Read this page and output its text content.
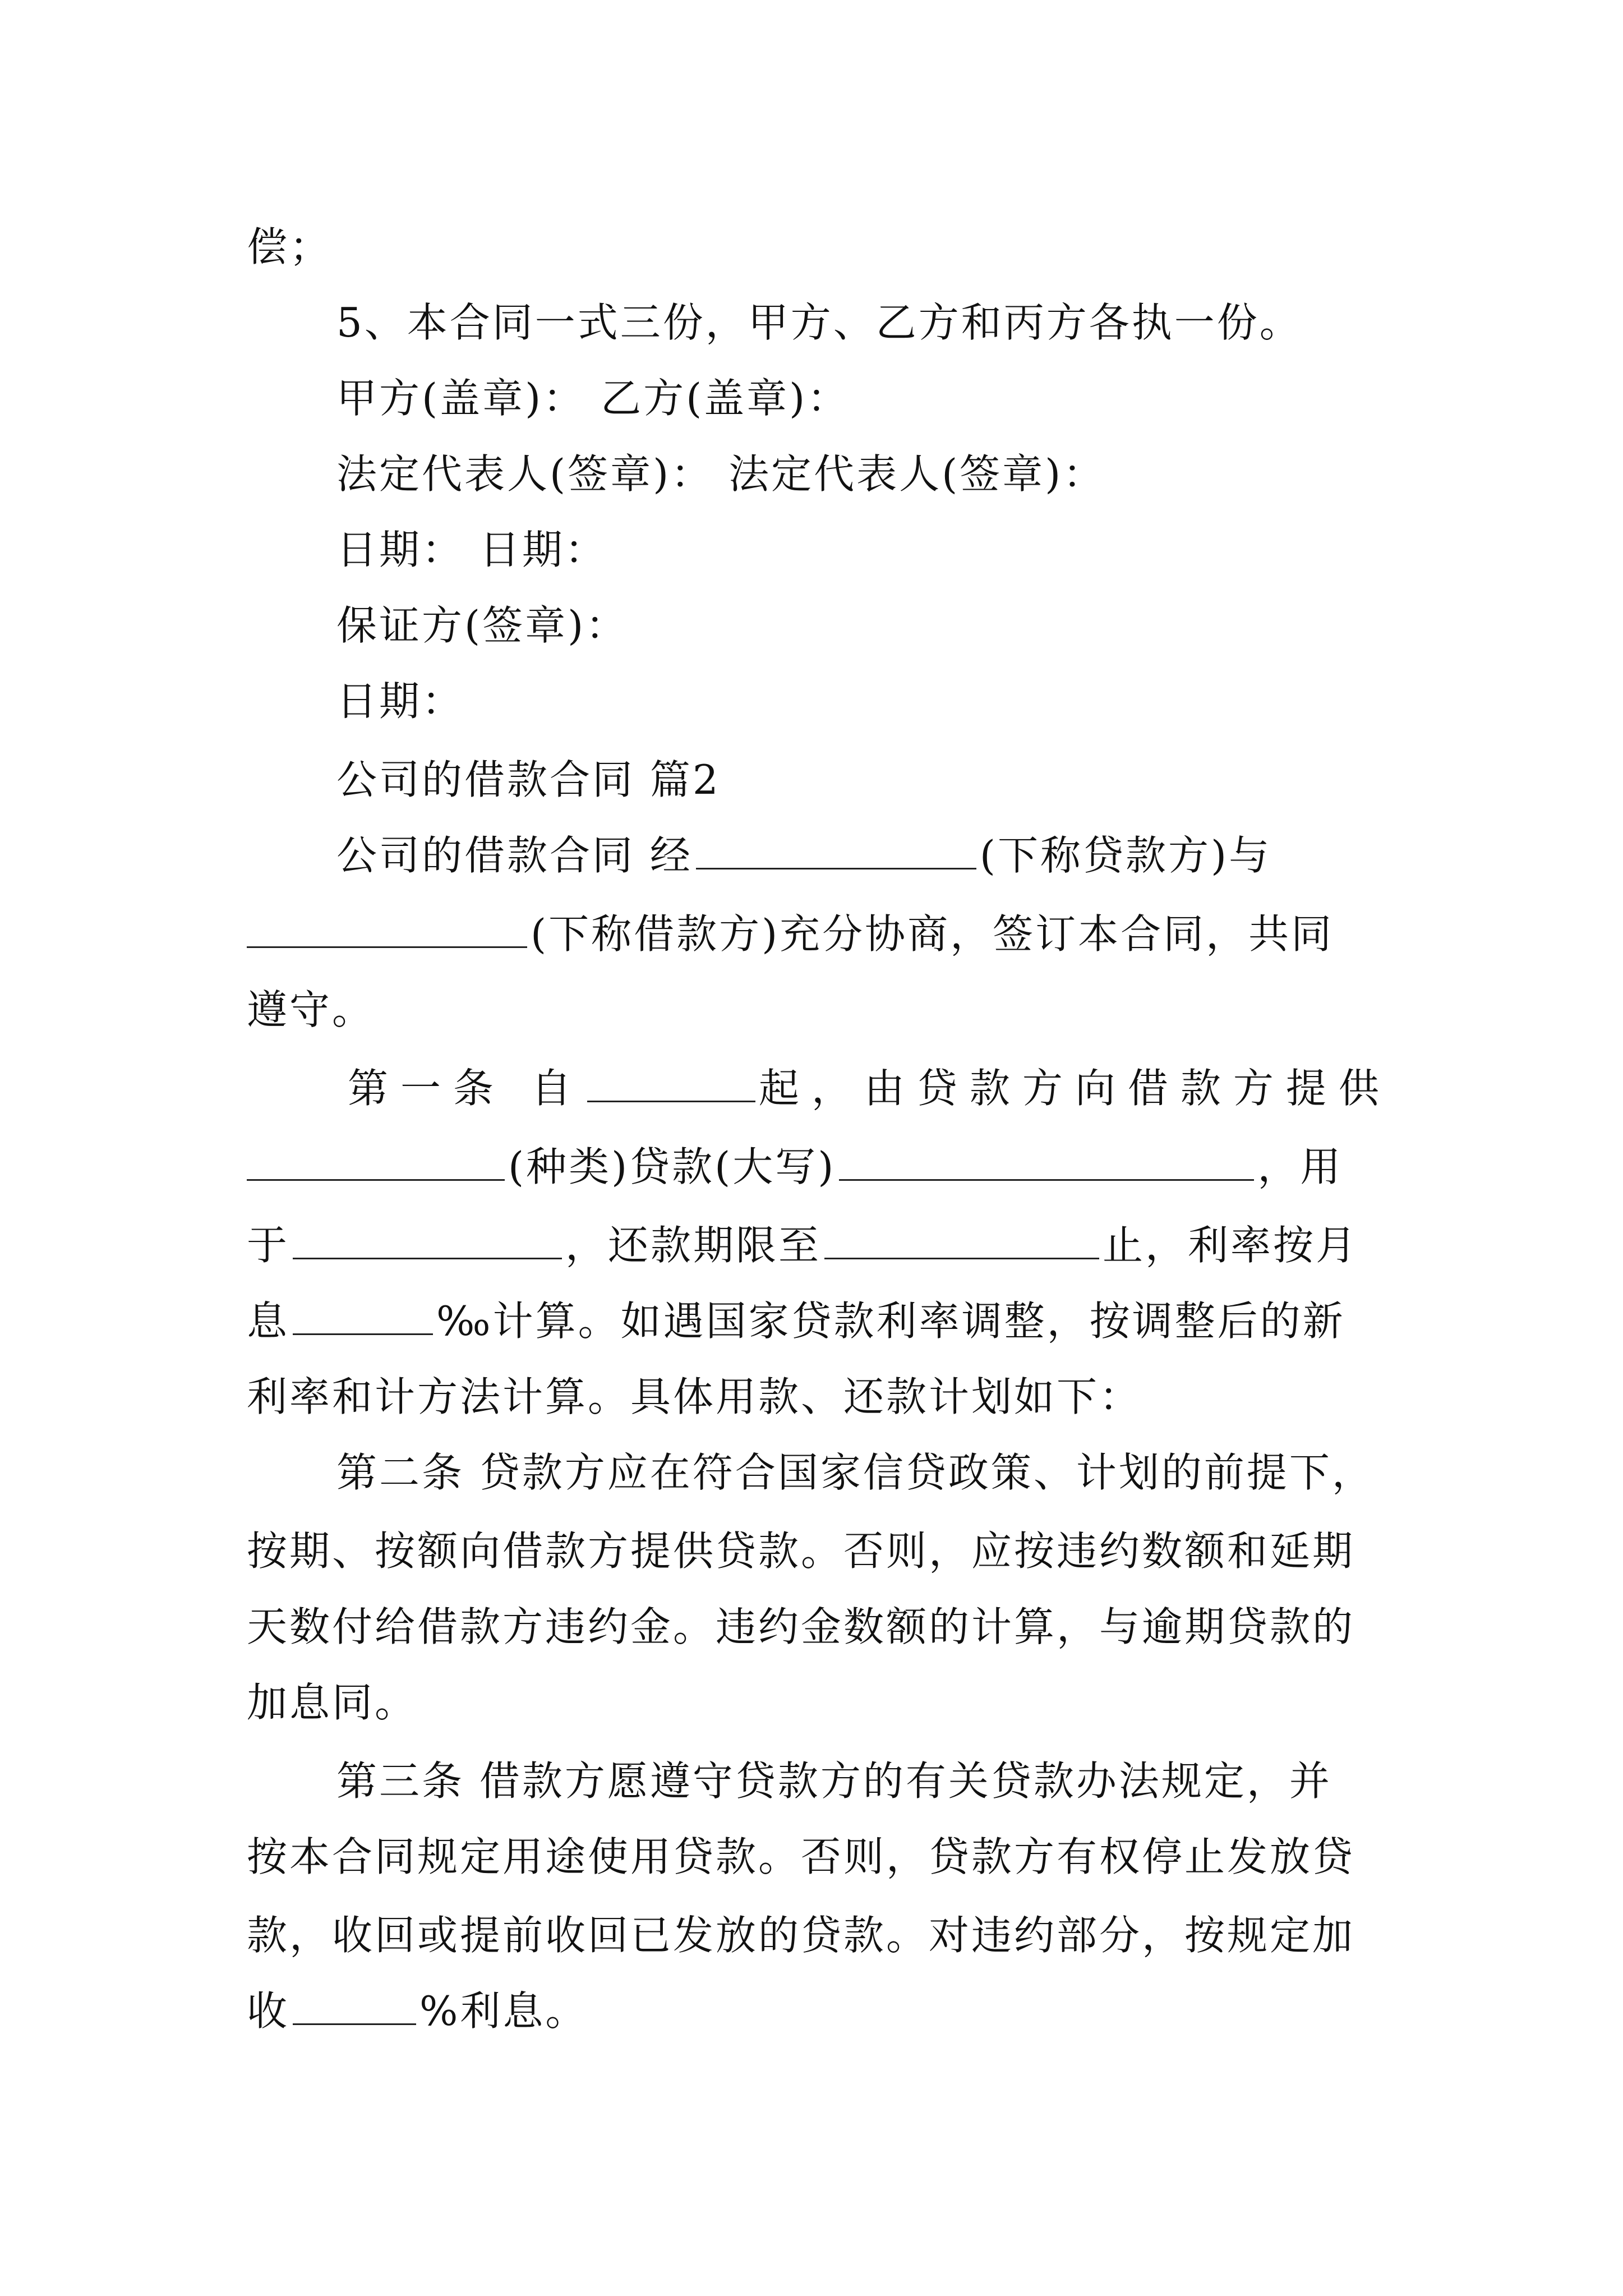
偿；
5、本合同一式三份，甲方、乙方和丙方各执一份。
甲方(盖章)： 乙方(盖章)：
法定代表人(签章)： 法定代表人(签章)：
日期： 日期：
保证方(签章)：
日期：
公司的借款合同 篇2
公司的借款合同 经	(下称贷款方)与
(下称借款方)充分协商，签订本合同，共同
遵守。
第一条 自	起，由贷款方向借款方提供
(种类)贷款(大写)	，用
于	，还款期限至	止，利率按月
息	‰计算。如遇国家贷款利率调整，按调整后的新
利率和计方法计算。具体用款、还款计划如下：
第二条 贷款方应在符合国家信贷政策、计划的前提下，
按期、按额向借款方提供贷款。否则，应按违约数额和延期
天数付给借款方违约金。违约金数额的计算，与逾期贷款的
加息同。
第三条 借款方愿遵守贷款方的有关贷款办法规定，并
按本合同规定用途使用贷款。否则，贷款方有权停止发放贷
款，收回或提前收回已发放的贷款。对违约部分，按规定加
收	%利息。
